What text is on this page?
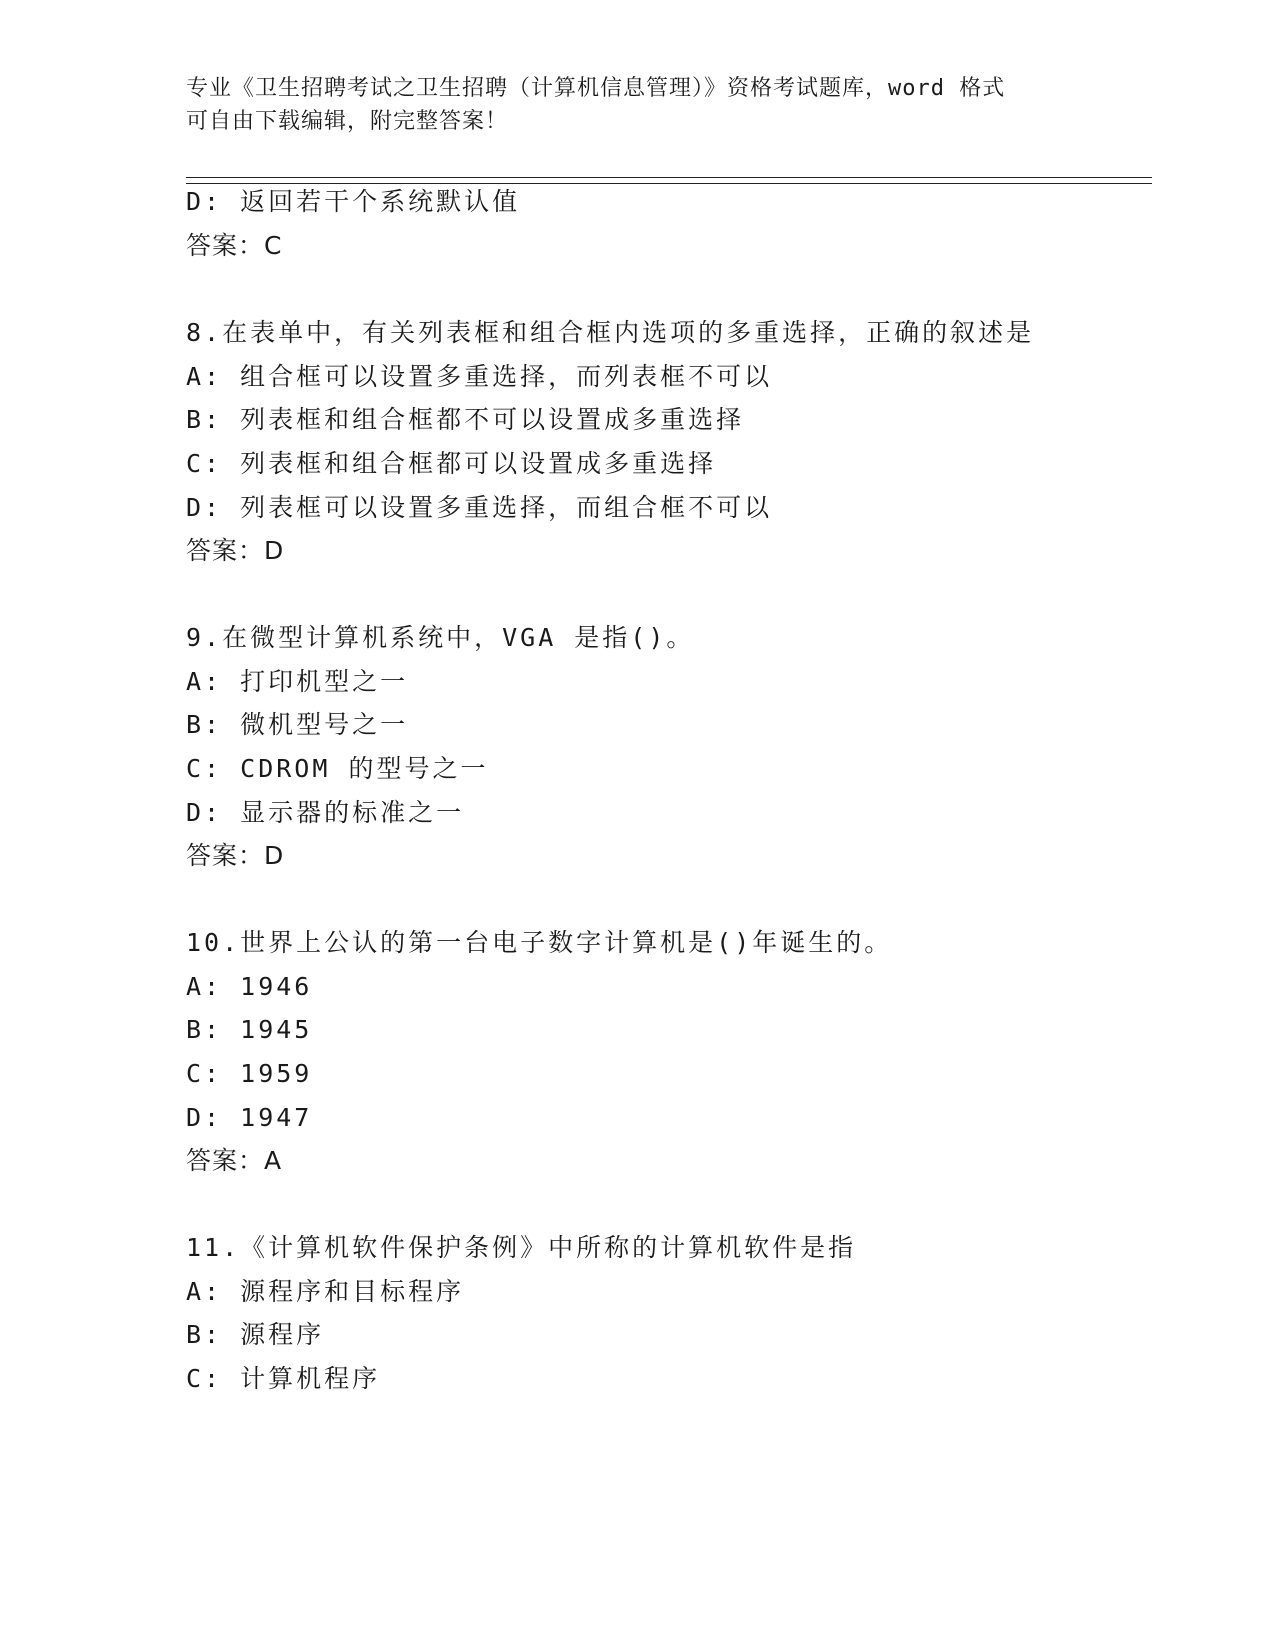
专业《卫生招聘考试之卫生招聘（计算机信息管理）》资格考试题库，word 格式
可自由下载编辑，附完整答案！
D: 返回若干个系统默认值
答案：C
8.在表单中，有关列表框和组合框内选项的多重选择，正确的叙述是
A: 组合框可以设置多重选择，而列表框不可以
B: 列表框和组合框都不可以设置成多重选择
C: 列表框和组合框都可以设置成多重选择
D: 列表框可以设置多重选择，而组合框不可以
答案：D
9.在微型计算机系统中，VGA 是指()。
A: 打印机型之一
B: 微机型号之一
C: CDROM 的型号之一
D: 显示器的标准之一
答案：D
10.世界上公认的第一台电子数字计算机是()年诞生的。
A: 1946
B: 1945
C: 1959
D: 1947
答案：A
11.《计算机软件保护条例》中所称的计算机软件是指
A: 源程序和目标程序
B: 源程序
C: 计算机程序
